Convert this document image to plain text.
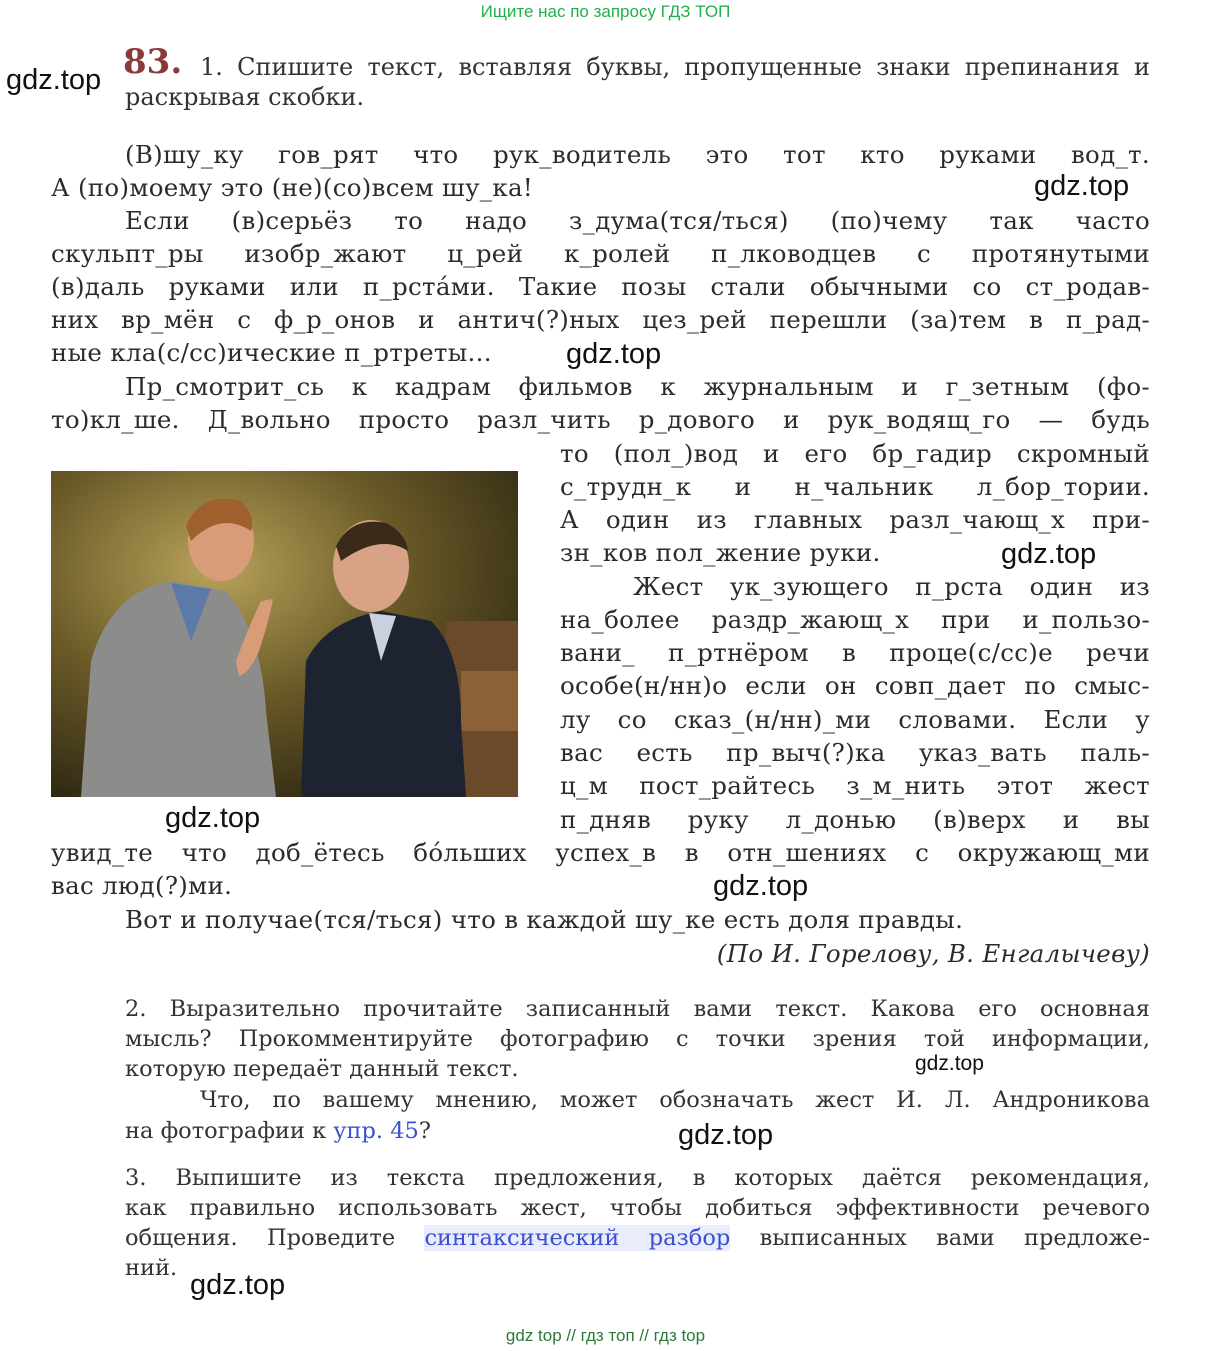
Ищите нас по запросу ГДЗ ТОП
gdz.top
gdz.top
gdz.top
gdz.top
gdz.top
gdz.top
gdz.top
gdz.top
gdz.top
83. 1. Спишите текст, вставляя буквы, пропущенные знаки препинания и
раскрывая скобки.
(В)шу_ку гов_рят что рук_водитель это тот кто руками вод_т.
А (по)моему это (не)(со)всем шу_ка!
Если (в)серьёз то надо з_дума(тся/ться) (по)чему так часто
скульпт_ры изобр_жают ц_рей к_ролей п_лководцев с протянутыми
(в)даль руками или п_рстáми. Такие позы стали обычными со ст_родав-
них вр_мён с ф_р_онов и антич(?)ных цез_рей перешли (за)тем в п_рад-
ные кла(с/сс)ические п_ртреты...
Пр_смотрит_сь к кадрам фильмов к журнальным и г_зетным (фо-
то)кл_ше. Д_вольно просто разл_чить р_дового и рук_водящ_го — будь
то (пол_)вод и его бр_гадир скромный
с_трудн_к и н_чальник л_бор_тории.
А один из главных разл_чающ_х при-
зн_ков пол_жение руки.
Жест ук_зующего п_рста один из
на_более раздр_жающ_х при и_пользо-
вани_ п_ртнёром в проце(с/сс)е речи
особе(н/нн)о если он совп_дает по смыс-
лу со сказ_(н/нн)_ми словами. Если у
вас есть пр_выч(?)ка указ_вать паль-
ц_м пост_райтесь з_м_нить этот жест
п_дняв руку л_донью (в)верх и вы
увид_те что доб_ётесь бóльших успех_в в отн_шениях с окружающ_ми
вас люд(?)ми.
Вот и получае(тся/ться) что в каждой шу_ке есть доля правды.
(По И. Горелову, В. Енгалычеву)
2. Выразительно прочитайте записанный вами текст. Какова его основная
мысль? Прокомментируйте фотографию с точки зрения той информации,
которую передаёт данный текст.
Что, по вашему мнению, может обозначать жест И. Л. Андроникова
на фотографии к упр. 45?
3. Выпишите из текста предложения, в которых даётся рекомендация,
как правильно использовать жест, чтобы добиться эффективности речевого
общения. Проведите синтаксический разбор выписанных вами предложе-
ний.
gdz top // гдз топ // гдз top
